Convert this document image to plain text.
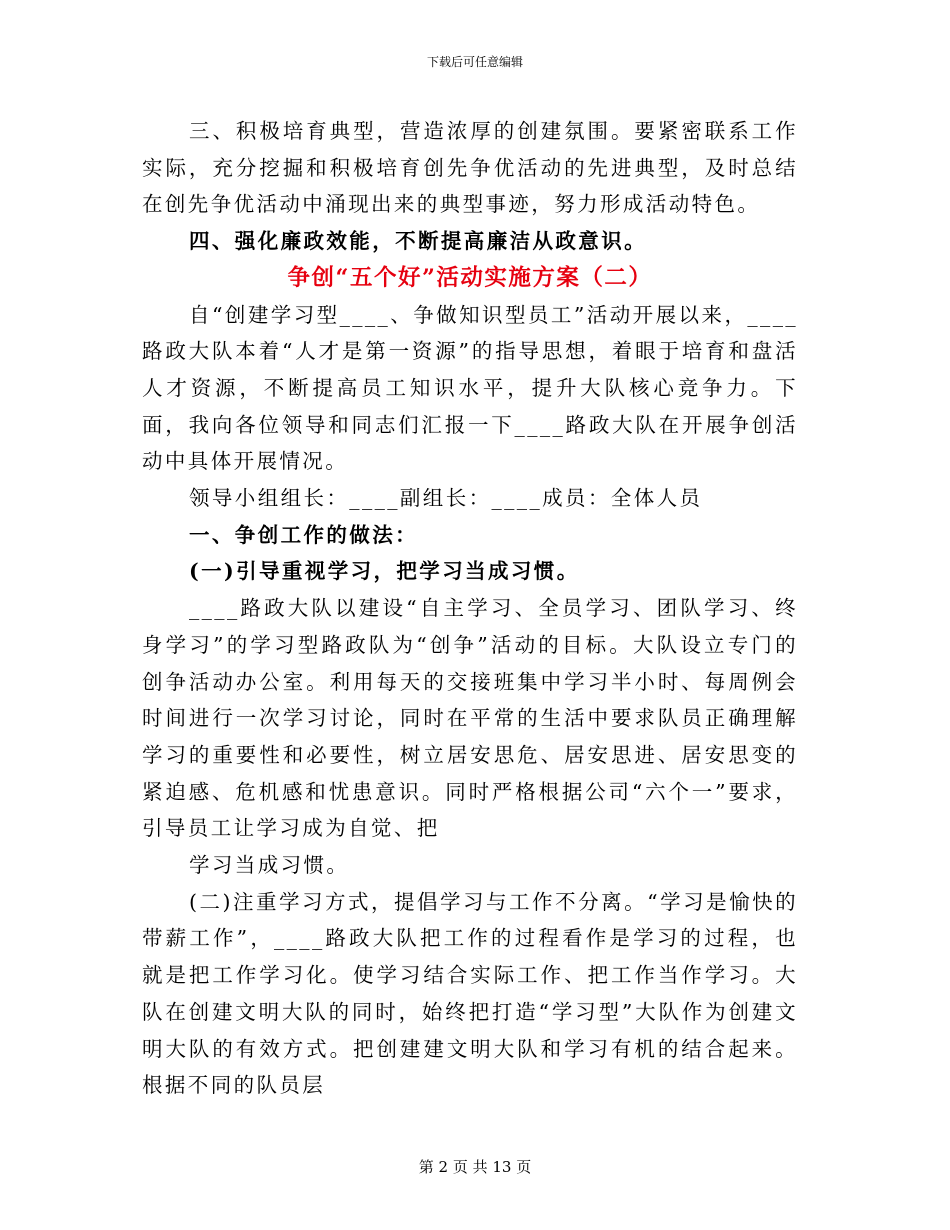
下载后可任意编辑

三、积极培育典型，营造浓厚的创建氛围。要紧密联系工作实际，充分挖掘和积极培育创先争优活动的先进典型，及时总结在创先争优活动中涌现出来的典型事迹，努力形成活动特色。

四、强化廉政效能，不断提高廉洁从政意识。

争创“五个好”活动实施方案（二）

自“创建学习型____、争做知识型员工”活动开展以来，____路政大队本着“人才是第一资源”的指导思想，着眼于培育和盘活人才资源，不断提高员工知识水平，提升大队核心竞争力。下面，我向各位领导和同志们汇报一下____路政大队在开展争创活动中具体开展情况。

领导小组组长：____副组长：____成员：全体人员

一、争创工作的做法：

(一)引导重视学习，把学习当成习惯。

____路政大队以建设“自主学习、全员学习、团队学习、终身学习”的学习型路政队为“创争”活动的目标。大队设立专门的创争活动办公室。利用每天的交接班集中学习半小时、每周例会时间进行一次学习讨论，同时在平常的生活中要求队员正确理解学习的重要性和必要性，树立居安思危、居安思进、居安思变的紧迫感、危机感和忧患意识。同时严格根据公司“六个一”要求，引导员工让学习成为自觉、把

学习当成习惯。

(二)注重学习方式，提倡学习与工作不分离。“学习是愉快的带薪工作”，____路政大队把工作的过程看作是学习的过程，也就是把工作学习化。使学习结合实际工作、把工作当作学习。大队在创建文明大队的同时，始终把打造“学习型”大队作为创建文明大队的有效方式。把创建建文明大队和学习有机的结合起来。根据不同的队员层

第 2 页 共 13 页
